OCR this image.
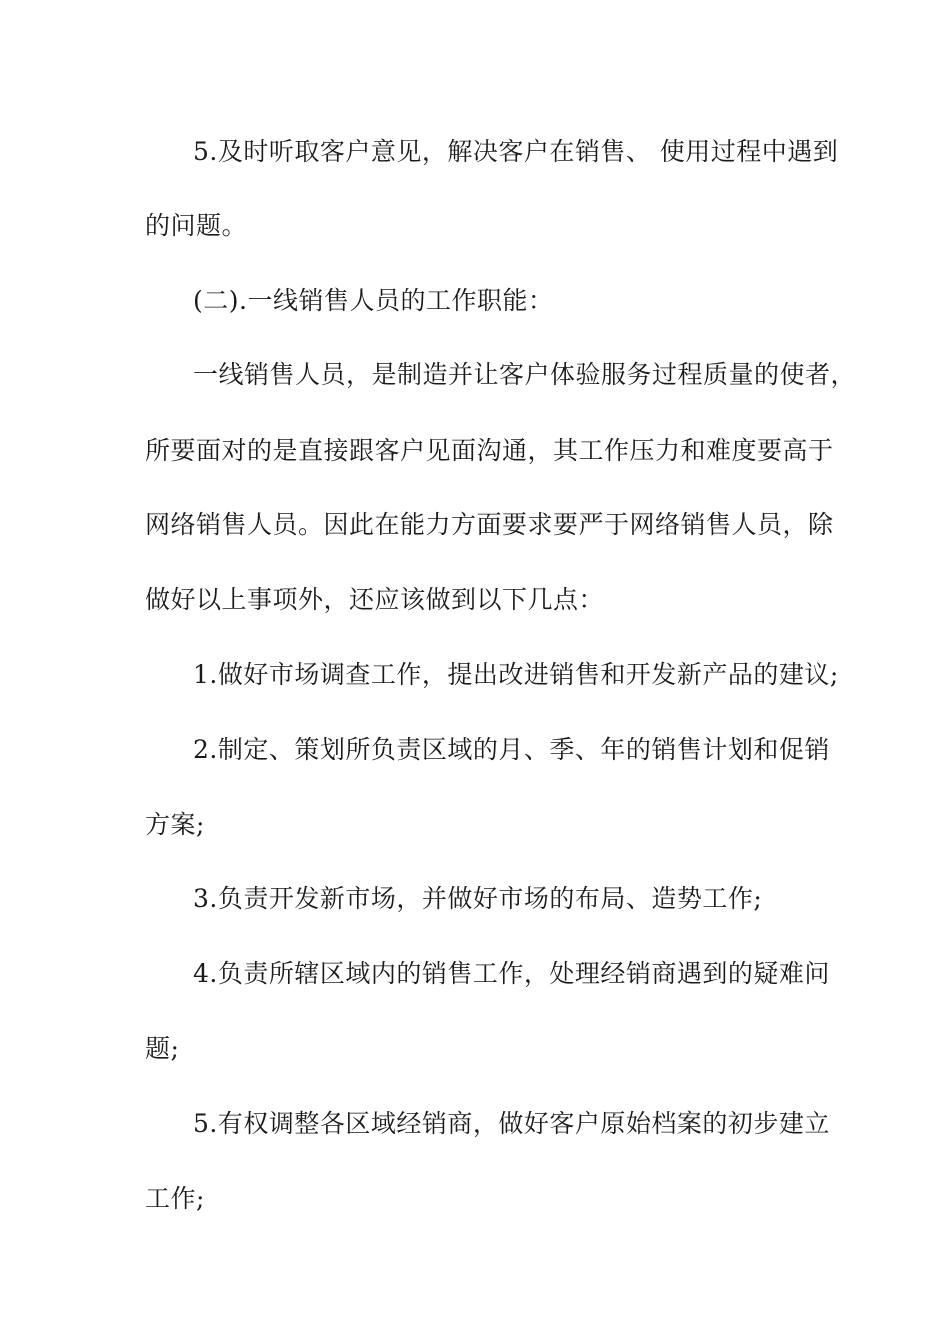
5.及时听取客户意见，解决客户在销售、 使用过程中遇到
的问题。
(二).一线销售人员的工作职能：
一线销售人员，是制造并让客户体验服务过程质量的使者，
所要面对的是直接跟客户见面沟通，其工作压力和难度要高于
网络销售人员。因此在能力方面要求要严于网络销售人员，除
做好以上事项外，还应该做到以下几点：
1.做好市场调查工作，提出改进销售和开发新产品的建议;
2.制定、策划所负责区域的月、季、年的销售计划和促销
方案;
3.负责开发新市场，并做好市场的布局、造势工作;
4.负责所辖区域内的销售工作，处理经销商遇到的疑难问
题;
5.有权调整各区域经销商，做好客户原始档案的初步建立
工作;
